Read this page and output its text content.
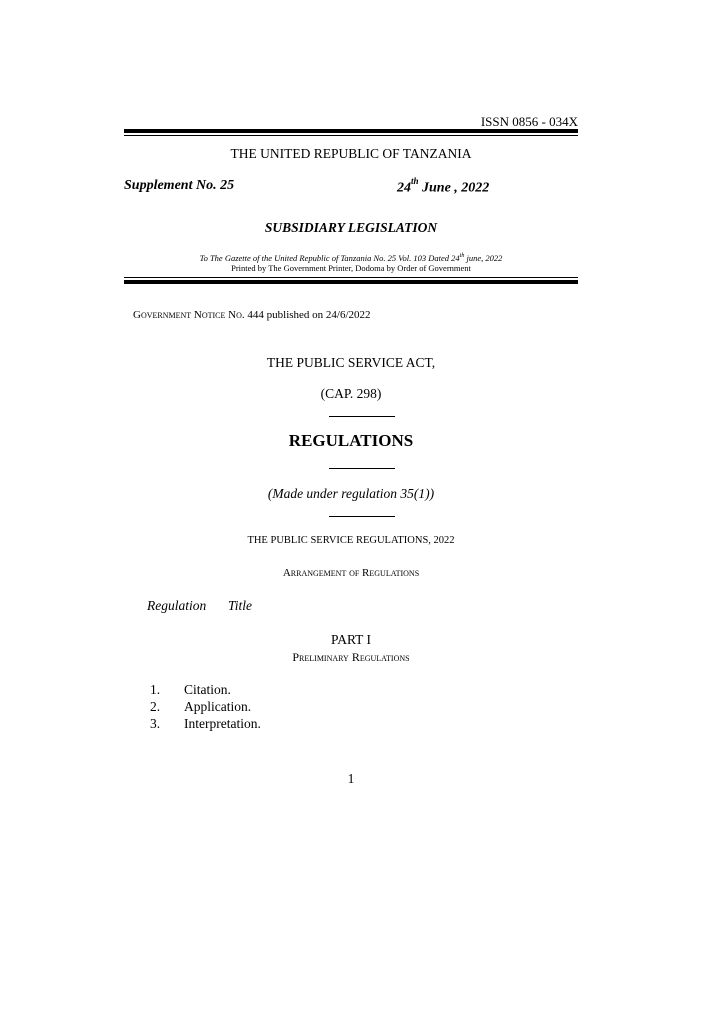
ISSN 0856 - 034X
THE UNITED REPUBLIC OF TANZANIA
Supplement No. 25	24th June , 2022
SUBSIDIARY LEGISLATION
To The Gazette of the United Republic of Tanzania No. 25 Vol. 103 Dated 24th june, 2022
Printed by The Government Printer, Dodoma by Order of Government
Government Notice No. 444 published on 24/6/2022
THE PUBLIC SERVICE ACT,
(CAP. 298)
REGULATIONS
(Made under regulation 35(1))
THE PUBLIC SERVICE REGULATIONS, 2022
Arrangement of Regulations
Regulation Title
PART I
Preliminary Regulations
1. Citation.
2. Application.
3. Interpretation.
1
